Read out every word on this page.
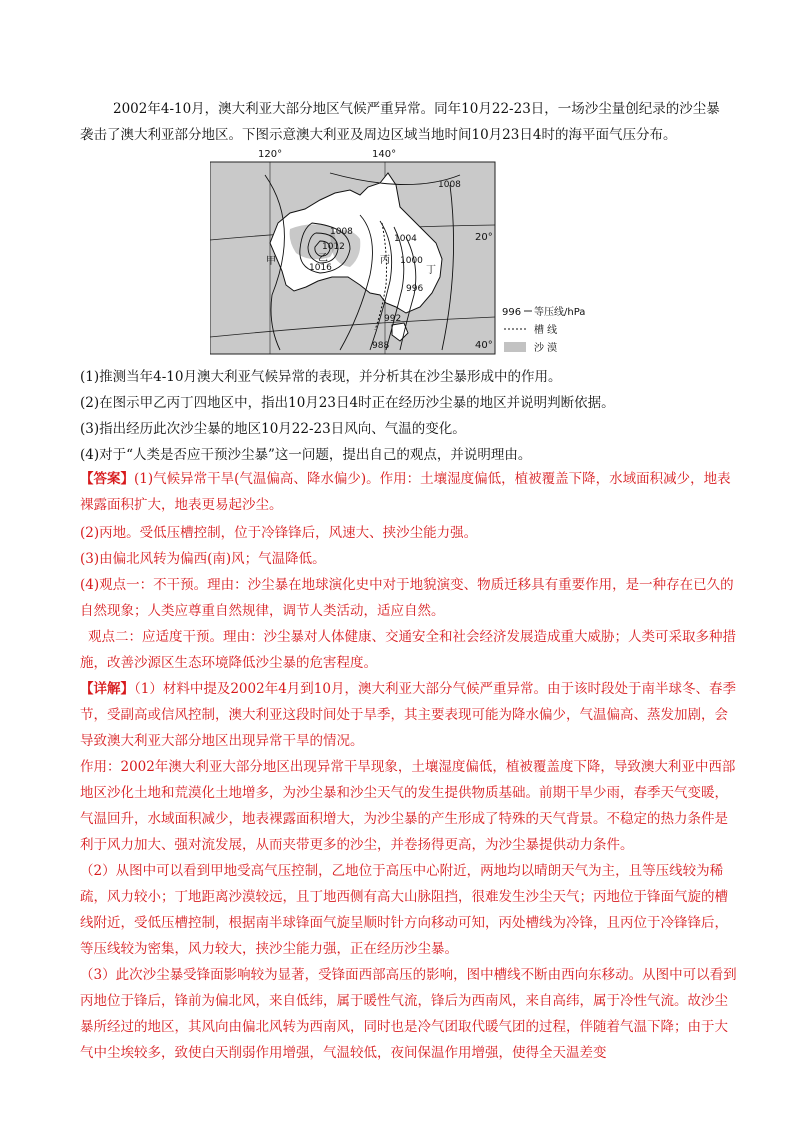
2002年4-10月，澳大利亚大部分地区气候严重异常。同年10月22-23日，一场沙尘量创纪录的沙尘暴袭击了澳大利亚部分地区。下图示意澳大利亚及周边区域当地时间10月23日4时的海平面气压分布。
1008
1008
1012
1016
1004
1000
996
992
988
甲	乙	丙
丁
120°	140°
20°
40°
996 等压线/hPa
槽 线
沙 漠
(1)推测当年4-10月澳大利亚气候异常的表现，并分析其在沙尘暴形成中的作用。
(2)在图示甲乙丙丁四地区中，指出10月23日4时正在经历沙尘暴的地区并说明判断依据。
(3)指出经历此次沙尘暴的地区10月22-23日风向、气温的变化。
(4)对于“人类是否应干预沙尘暴”这一问题，提出自己的观点，并说明理由。
【答案】(1)气候异常干旱(气温偏高、降水偏少)。作用：土壤湿度偏低，植被覆盖下降，水域面积减少，地表裸露面积扩大，地表更易起沙尘。
(2)丙地。受低压槽控制，位于冷锋锋后，风速大、挟沙尘能力强。
(3)由偏北风转为偏西(南)风；气温降低。
(4)观点一：不干预。理由：沙尘暴在地球演化史中对于地貌演变、物质迁移具有重要作用，是一种存在已久的自然现象；人类应尊重自然规律，调节人类活动，适应自然。
观点二：应适度干预。理由：沙尘暴对人体健康、交通安全和社会经济发展造成重大威胁；人类可采取多种措施，改善沙源区生态环境降低沙尘暴的危害程度。
【详解】（1）材料中提及2002年4月到10月，澳大利亚大部分气候严重异常。由于该时段处于南半球冬、春季节，受副高或信风控制，澳大利亚这段时间处于旱季，其主要表现可能为降水偏少，气温偏高、蒸发加剧，会导致澳大利亚大部分地区出现异常干旱的情况。
作用：2002年澳大利亚大部分地区出现异常干旱现象，土壤湿度偏低，植被覆盖度下降，导致澳大利亚中西部地区沙化土地和荒漠化土地增多，为沙尘暴和沙尘天气的发生提供物质基础。前期干旱少雨，春季天气变暖，气温回升，水域面积减少，地表裸露面积增大，为沙尘暴的产生形成了特殊的天气背景。不稳定的热力条件是利于风力加大、强对流发展，从而夹带更多的沙尘，并卷扬得更高，为沙尘暴提供动力条件。
（2）从图中可以看到甲地受高气压控制，乙地位于高压中心附近，两地均以晴朗天气为主，且等压线较为稀疏，风力较小；丁地距离沙漠较远，且丁地西侧有高大山脉阻挡，很难发生沙尘天气；丙地位于锋面气旋的槽线附近，受低压槽控制，根据南半球锋面气旋呈顺时针方向移动可知，丙处槽线为冷锋，且丙位于冷锋锋后，等压线较为密集，风力较大，挟沙尘能力强，正在经历沙尘暴。
（3）此次沙尘暴受锋面影响较为显著，受锋面西部高压的影响，图中槽线不断由西向东移动。从图中可以看到丙地位于锋后，锋前为偏北风，来自低纬，属于暖性气流，锋后为西南风，来自高纬，属于冷性气流。故沙尘暴所经过的地区，其风向由偏北风转为西南风，同时也是冷气团取代暖气团的过程，伴随着气温下降；由于大气中尘埃较多，致使白天削弱作用增强，气温较低，夜间保温作用增强，使得全天温差变
